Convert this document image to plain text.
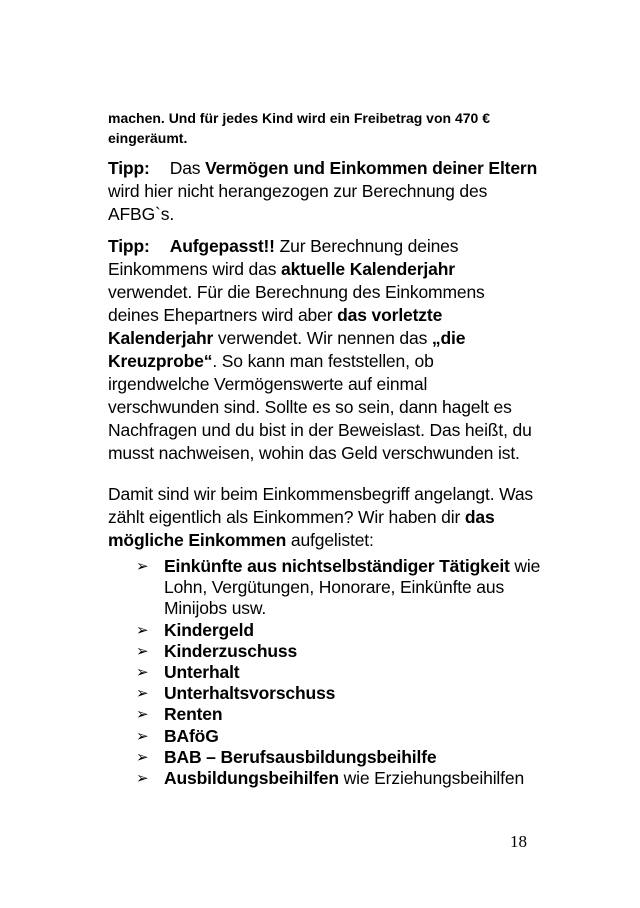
machen. Und für jedes Kind wird ein Freibetrag von 470 € eingeräumt.

Tipp: Das Vermögen und Einkommen deiner Eltern wird hier nicht herangezogen zur Berechnung des AFBG`s.

Tipp: Aufgepasst!! Zur Berechnung deines Einkommens wird das aktuelle Kalenderjahr verwendet. Für die Berechnung des Einkommens deines Ehepartners wird aber das vorletzte Kalenderjahr verwendet. Wir nennen das „die Kreuzprobe“. So kann man feststellen, ob irgendwelche Vermögenswerte auf einmal verschwunden sind. Sollte es so sein, dann hagelt es Nachfragen und du bist in der Beweislast. Das heißt, du musst nachweisen, wohin das Geld verschwunden ist.

Damit sind wir beim Einkommensbegriff angelangt. Was zählt eigentlich als Einkommen? Wir haben dir das mögliche Einkommen aufgelistet:

➢ Einkünfte aus nichtselbständiger Tätigkeit wie Lohn, Vergütungen, Honorare, Einkünfte aus Minijobs usw.
➢ Kindergeld
➢ Kinderzuschuss
➢ Unterhalt
➢ Unterhaltsvorschuss
➢ Renten
➢ BAföG
➢ BAB – Berufsausbildungsbeihilfe
➢ Ausbildungsbeihilfen wie Erziehungsbeihilfen
18
